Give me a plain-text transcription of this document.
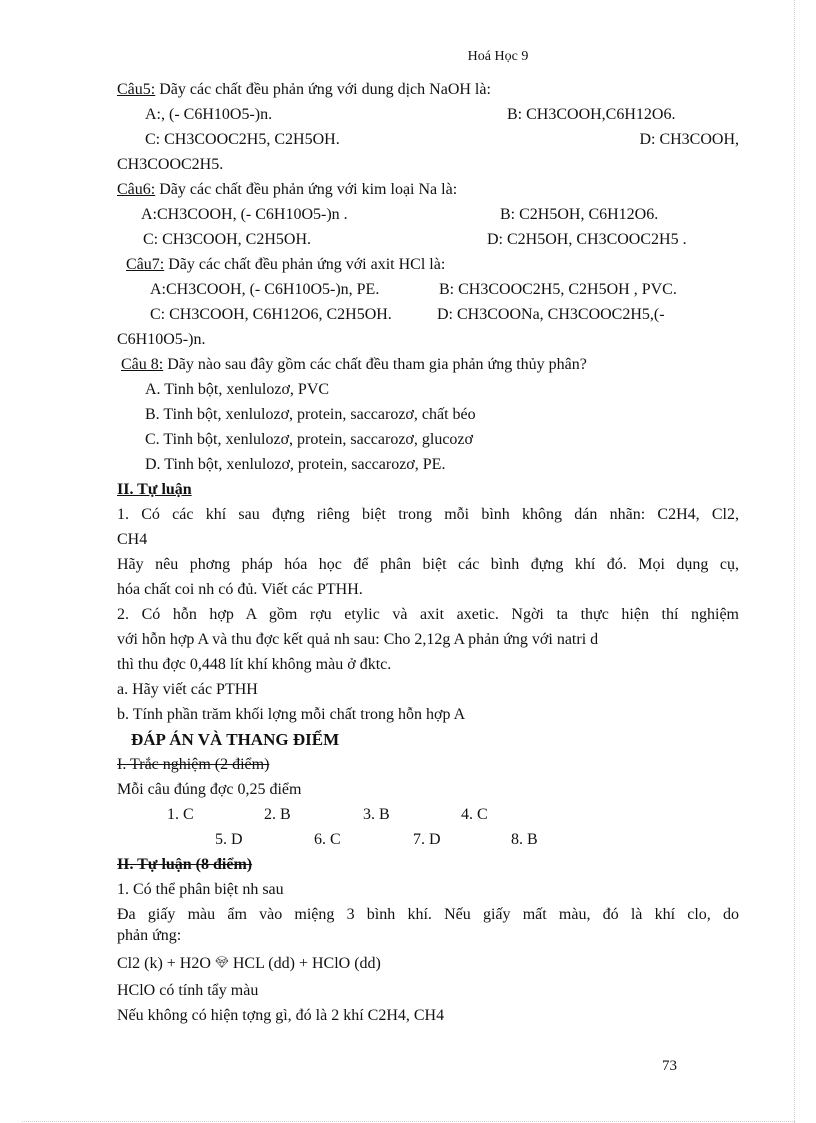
Hoá Học 9
Câu5: Dãy các chất đều phản ứng với dung dịch NaOH là:
A:, (- C6H10O5-)n.	B: CH3COOH,C6H12O6.
C: CH3COOC2H5, C2H5OH.	D: CH3COOH,
CH3COOC2H5.
Câu6: Dãy các chất đều phản ứng với kim loại Na là:
A:CH3COOH, (- C6H10O5-)n .	B: C2H5OH, C6H12O6.
C: CH3COOH, C2H5OH.	D: C2H5OH, CH3COOC2H5 .
Câu7: Dãy các chất đều phản ứng với axit HCl là:
A:CH3COOH, (- C6H10O5-)n, PE.	B: CH3COOC2H5, C2H5OH , PVC.
C: CH3COOH, C6H12O6, C2H5OH.	D: CH3COONa, CH3COOC2H5,(-
C6H10O5-)n.
Câu 8: Dãy nào sau đây gồm các chất đều tham gia phản ứng thủy phân?
A. Tinh bột, xenlulozơ, PVC
B. Tinh bột, xenlulozơ, protein, saccarozơ, chất béo
C. Tinh bột, xenlulozơ, protein, saccarozơ, glucozơ
D. Tinh bột, xenlulozơ, protein, saccarozơ, PE.
II. Tự luận
1. Có các khí sau đựng riêng biệt trong mỗi bình không dán nhãn: C2H4, Cl2,
CH4
Hãy nêu phơng pháp hóa học để phân biệt các bình đựng khí đó. Mọi dụng cụ,
hóa chất coi nh có đủ. Viết các PTHH.
2. Có hỗn hợp A gồm rợu etylic và axit axetic. Ngời ta thực hiện thí nghiệm
với hỗn hợp A và thu đợc kết quả nh sau: Cho 2,12g A phản ứng với natri d
thì thu đợc 0,448 lít khí không màu ở đktc.
a. Hãy viết các PTHH
b. Tính phần trăm khối lợng mỗi chất trong hỗn hợp A
ĐÁP ÁN VÀ THANG ĐIỂM
I. Trắc nghiệm (2 điểm)
Mỗi câu đúng đợc 0,25 điểm
1. C	2. B	3. B	4. C
5. D	6. C	7. D	8. B
II. Tự luận (8 điểm)
1. Có thể phân biệt nh sau
Đa giấy màu ẩm vào miệng 3 bình khí. Nếu giấy mất màu, đó là khí clo, do
phản ứng:
Cl2 (k) + H2O 💎︎ HCL (dd) + HClO (dd)
HClO có tính tẩy màu
Nếu không có hiện tợng gì, đó là 2 khí C2H4, CH4
73
